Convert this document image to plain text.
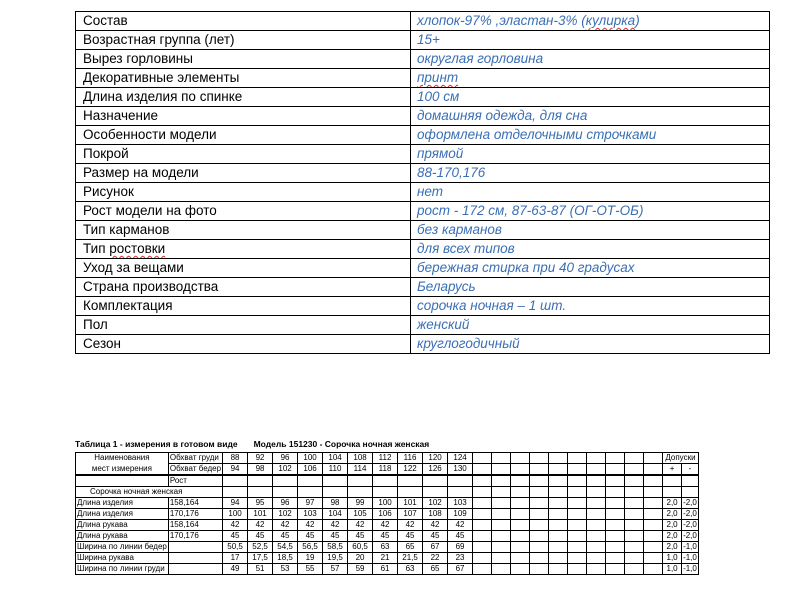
Состав	хлопок-97% ,эластан-3% (кулирка)
Возрастная группа (лет)	15+
Вырез горловины	округлая горловина
Декоративные элементы	принт
Длина изделия по спинке	100 см
Назначение	домашняя одежда, для сна
Особенности модели	оформлена отделочными строчками
Покрой	прямой
Размер на модели	88-170,176
Рисунок	нет
Рост модели на фото	рост - 172 см, 87-63-87 (ОГ-ОТ-ОБ)
Тип карманов	без карманов
Тип ростовки	для всех типов
Уход за вещами	бережная стирка при 40 градусах
Страна производства	Беларусь
Комплектация	сорочка ночная – 1 шт.
Пол	женский
Сезон	круглогодичный
Таблица 1 - измерения в готовом виде Модель 151230 - Сорочка ночная женская
Наименования	Обхват груди	88	92	96	100	104	108	112	116	120	124											Допуски	
мест измерения	Обхват бедер	94	98	102	106	110	114	118	122	126	130											+	-
	Рост																						
Сорочка ночная женская																							
Длина изделия	158,164	94	95	96	97	98	99	100	101	102	103											2,0	-2,0
Длина изделия	170,176	100	101	102	103	104	105	106	107	108	109											2,0	-2,0
Длина рукава	158,164	42	42	42	42	42	42	42	42	42	42											2,0	-2,0
Длина рукава	170,176	45	45	45	45	45	45	45	45	45	45											2,0	-2,0
Ширина по линии бедер		50,5	52,5	54,5	56,5	58,5	60,5	63	65	67	69											2,0	-1,0
Ширина рукава		17	17,5	18,5	19	19,5	20	21	21,5	22	23											1,0	-1,0
Ширина по линии груди		49	51	53	55	57	59	61	63	65	67											1,0	-1,0
